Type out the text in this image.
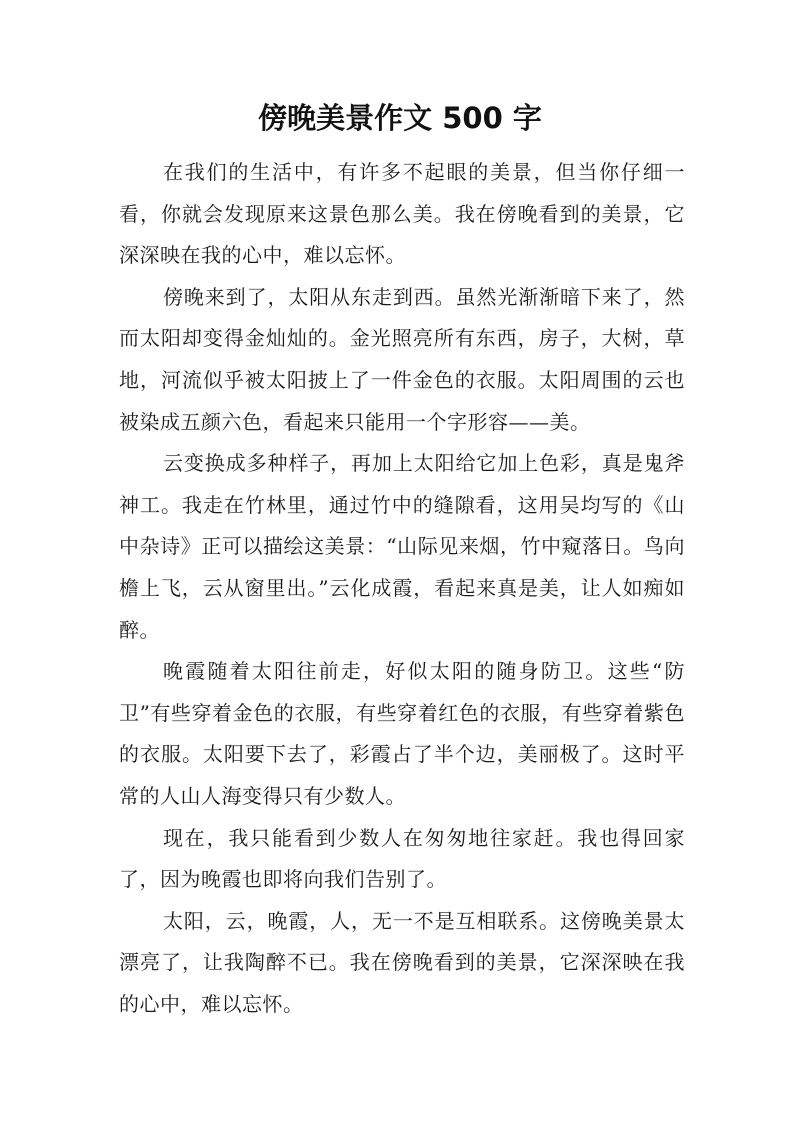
傍晚美景作文 500 字

在我们的生活中，有许多不起眼的美景，但当你仔细一看，你就会发现原来这景色那么美。我在傍晚看到的美景，它深深映在我的心中，难以忘怀。

傍晚来到了，太阳从东走到西。虽然光渐渐暗下来了，然而太阳却变得金灿灿的。金光照亮所有东西，房子，大树，草地，河流似乎被太阳披上了一件金色的衣服。太阳周围的云也被染成五颜六色，看起来只能用一个字形容——美。

云变换成多种样子，再加上太阳给它加上色彩，真是鬼斧神工。我走在竹林里，通过竹中的缝隙看，这用吴均写的《山中杂诗》正可以描绘这美景：“山际见来烟，竹中窥落日。鸟向檐上飞，云从窗里出。”云化成霞，看起来真是美，让人如痴如醉。

晚霞随着太阳往前走，好似太阳的随身防卫。这些“防卫”有些穿着金色的衣服，有些穿着红色的衣服，有些穿着紫色的衣服。太阳要下去了，彩霞占了半个边，美丽极了。这时平常的人山人海变得只有少数人。

现在，我只能看到少数人在匆匆地往家赶。我也得回家了，因为晚霞也即将向我们告别了。

太阳，云，晚霞，人，无一不是互相联系。这傍晚美景太漂亮了，让我陶醉不已。我在傍晚看到的美景，它深深映在我的心中，难以忘怀。
